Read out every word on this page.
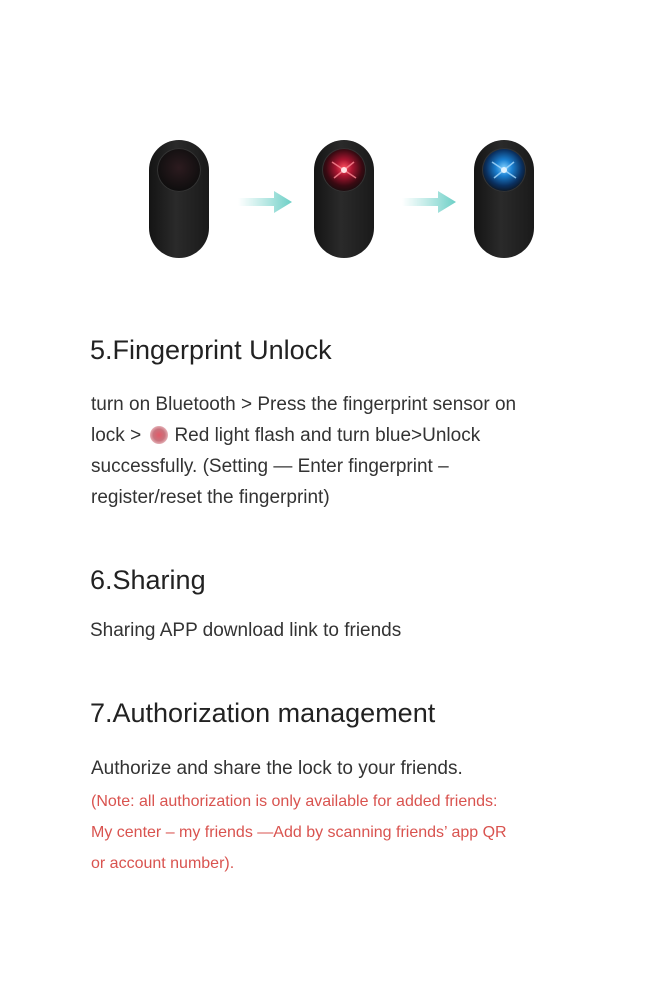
5.Fingerprint Unlock

turn on Bluetooth > Press the fingerprint sensor on
lock > Red light flash and turn blue>Unlock
successfully. (Setting — Enter fingerprint –
register/reset the fingerprint)

6.Sharing

Sharing APP download link to friends

7.Authorization management

Authorize and share the lock to your friends.

(Note: all authorization is only available for added friends:
My center – my friends —Add by scanning friends’ app QR
or account number).
